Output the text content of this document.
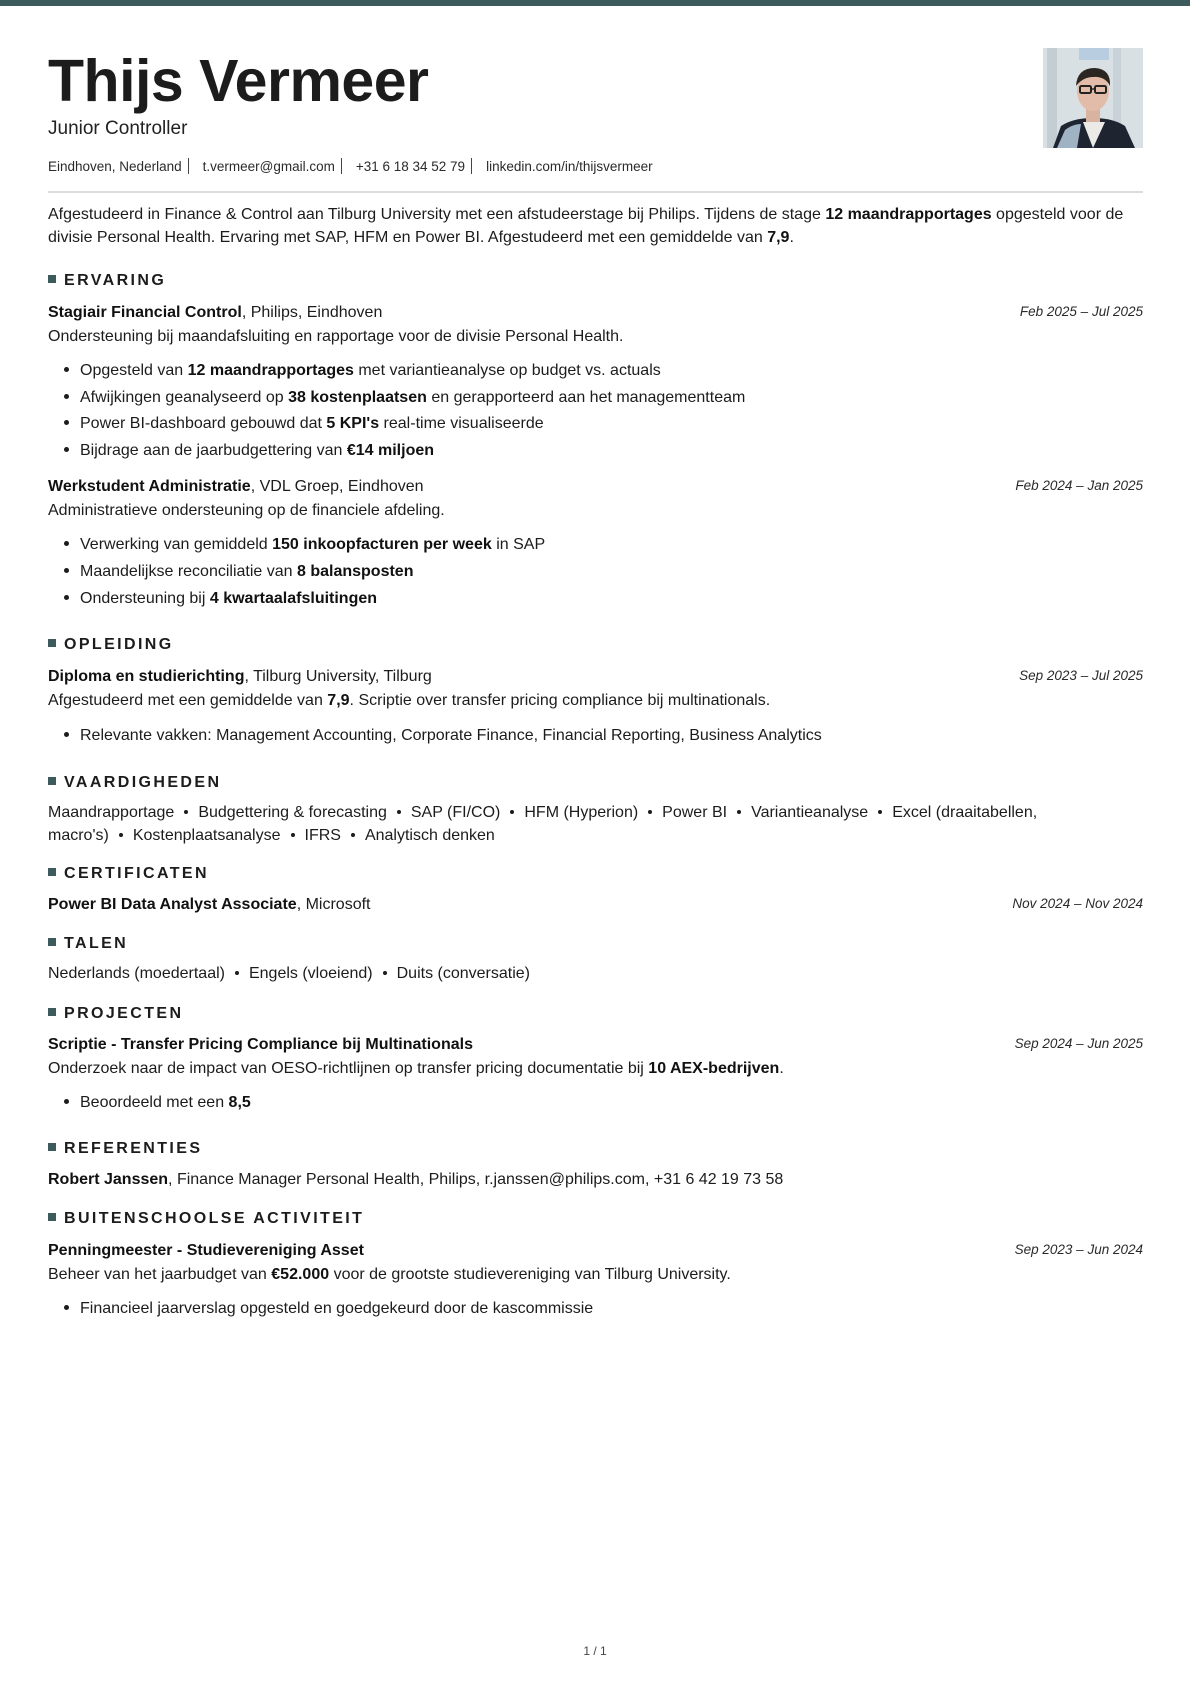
Thijs Vermeer
Junior Controller
Eindhoven, Nederland t.vermeer@gmail.com +31 6 18 34 52 79 linkedin.com/in/thijsvermeer
Afgestudeerd in Finance & Control aan Tilburg University met een afstudeerstage bij Philips. Tijdens de stage 12 maandrapportages opgesteld voor de divisie Personal Health. Ervaring met SAP, HFM en Power BI. Afgestudeerd met een gemiddelde van 7,9.
ERVARING
Stagiair Financial Control, Philips, Eindhoven	Feb 2025 – Jul 2025
Ondersteuning bij maandafsluiting en rapportage voor de divisie Personal Health.
Opgesteld van 12 maandrapportages met variantieanalyse op budget vs. actuals
Afwijkingen geanalyseerd op 38 kostenplaatsen en gerapporteerd aan het managementteam
Power BI-dashboard gebouwd dat 5 KPI's real-time visualiseerde
Bijdrage aan de jaarbudgettering van €14 miljoen
Werkstudent Administratie, VDL Groep, Eindhoven	Feb 2024 – Jan 2025
Administratieve ondersteuning op de financiele afdeling.
Verwerking van gemiddeld 150 inkoopfacturen per week in SAP
Maandelijkse reconciliatie van 8 balansposten
Ondersteuning bij 4 kwartaalafsluitingen
OPLEIDING
Diploma en studierichting, Tilburg University, Tilburg	Sep 2023 – Jul 2025
Afgestudeerd met een gemiddelde van 7,9. Scriptie over transfer pricing compliance bij multinationals.
Relevante vakken: Management Accounting, Corporate Finance, Financial Reporting, Business Analytics
VAARDIGHEDEN
Maandrapportage Budgettering & forecasting SAP (FI/CO) HFM (Hyperion) Power BI Variantieanalyse Excel (draaitabellen,
macro's) Kostenplaatsanalyse IFRS Analytisch denken
CERTIFICATEN
Power BI Data Analyst Associate, Microsoft	Nov 2024 – Nov 2024
TALEN
Nederlands (moedertaal) Engels (vloeiend) Duits (conversatie)
PROJECTEN
Scriptie - Transfer Pricing Compliance bij Multinationals	Sep 2024 – Jun 2025
Onderzoek naar de impact van OESO-richtlijnen op transfer pricing documentatie bij 10 AEX-bedrijven.
Beoordeeld met een 8,5
REFERENTIES
Robert Janssen, Finance Manager Personal Health, Philips, r.janssen@philips.com, +31 6 42 19 73 58
BUITENSCHOOLSE ACTIVITEIT
Penningmeester - Studievereniging Asset	Sep 2023 – Jun 2024
Beheer van het jaarbudget van €52.000 voor de grootste studievereniging van Tilburg University.
Financieel jaarverslag opgesteld en goedgekeurd door de kascommissie
1 / 1
